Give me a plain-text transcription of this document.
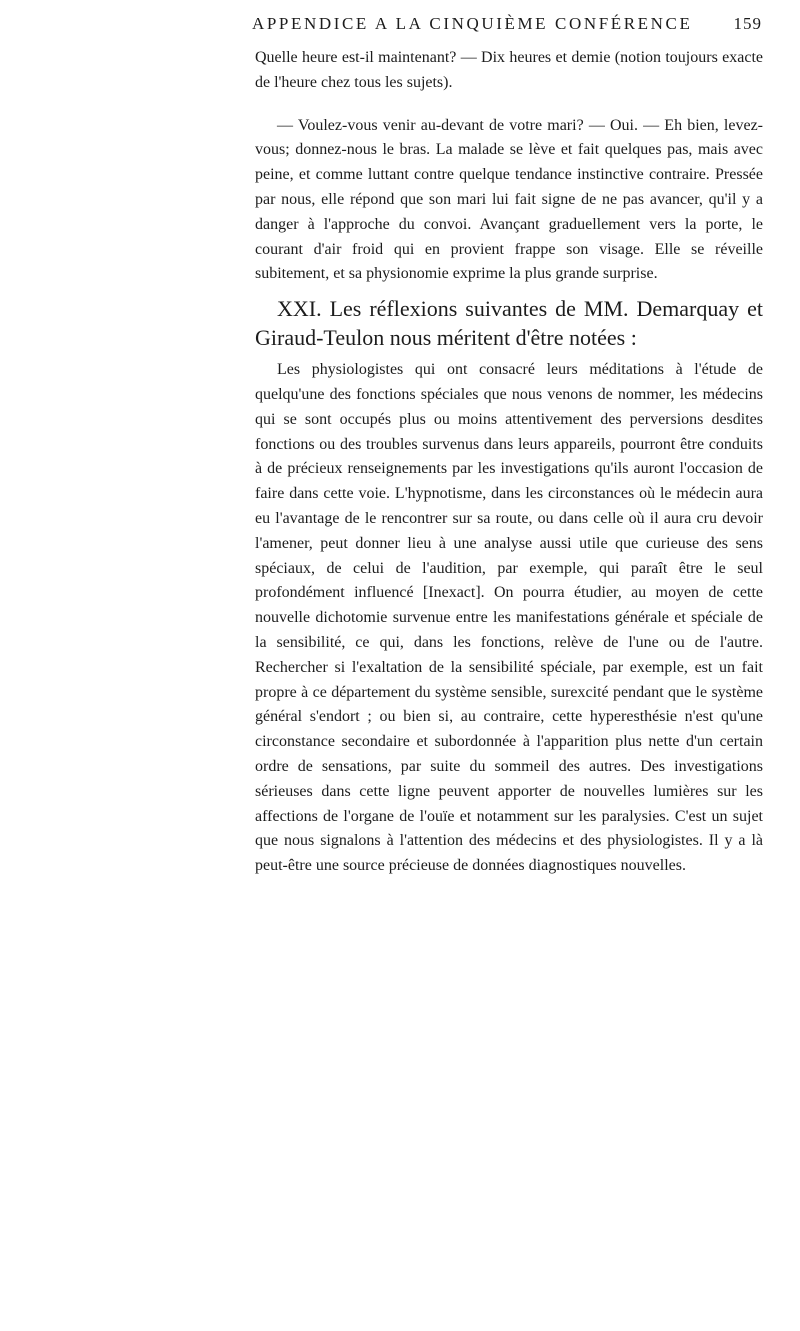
APPENDICE A LA CINQUIÈME CONFÉRENCE 159

Quelle heure est-il maintenant? — Dix heures et demie (notion toujours exacte de l'heure chez tous les sujets).

— Voulez-vous venir au-devant de votre mari? — Oui. — Eh bien, levez-vous; donnez-nous le bras. La malade se lève et fait quelques pas, mais avec peine, et comme luttant contre quelque tendance instinctive contraire. Pressée par nous, elle répond que son mari lui fait signe de ne pas avancer, qu'il y a danger à l'approche du convoi. Avançant graduellement vers la porte, le courant d'air froid qui en provient frappe son visage. Elle se réveille subitement, et sa physionomie exprime la plus grande surprise.

XXI. Les réflexions suivantes de MM. Demarquay et Giraud-Teulon nous méritent d'être notées :

Les physiologistes qui ont consacré leurs méditations à l'étude de quelqu'une des fonctions spéciales que nous venons de nommer, les médecins qui se sont occupés plus ou moins attentivement des perversions desdites fonctions ou des troubles survenus dans leurs appareils, pourront être conduits à de précieux renseignements par les investigations qu'ils auront l'occasion de faire dans cette voie. L'hypnotisme, dans les circonstances où le médecin aura eu l'avantage de le rencontrer sur sa route, ou dans celle où il aura cru devoir l'amener, peut donner lieu à une analyse aussi utile que curieuse des sens spéciaux, de celui de l'audition, par exemple, qui paraît être le seul profondément influencé [Inexact]. On pourra étudier, au moyen de cette nouvelle dichotomie survenue entre les manifestations générale et spéciale de la sensibilité, ce qui, dans les fonctions, relève de l'une ou de l'autre. Rechercher si l'exaltation de la sensibilité spéciale, par exemple, est un fait propre à ce département du système sensible, surexcité pendant que le système général s'endort ; ou bien si, au contraire, cette hyperesthésie n'est qu'une circonstance secondaire et subordonnée à l'apparition plus nette d'un certain ordre de sensations, par suite du sommeil des autres. Des investigations sérieuses dans cette ligne peuvent apporter de nouvelles lumières sur les affections de l'organe de l'ouïe et notamment sur les paralysies. C'est un sujet que nous signalons à l'attention des médecins et des physiologistes. Il y a là peut-être une source précieuse de données diagnostiques nouvelles.
